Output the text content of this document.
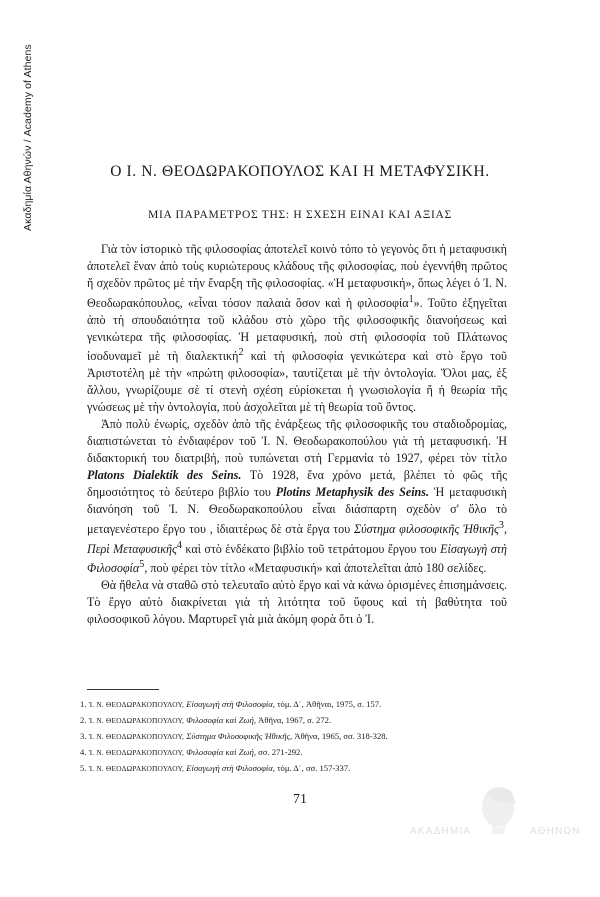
Ακαδημία Αθηνών / Academy of Athens	Ο Ι. Ν. ΘΕΟΔΩΡΑΚΟΠΟΥΛΟΣ ΚΑΙ Η ΜΕΤΑΦΥΣΙΚΗ.
ΜΙΑ ΠΑΡΑΜΕΤΡΟΣ ΤΗΣ: Η ΣΧΕΣΗ ΕΙΝΑΙ ΚΑΙ ΑΞΙΑΣ

Γιὰ τὸν ἱστορικὸ τῆς φιλοσοφίας ἀποτελεῖ κοινὸ τόπο τὸ γεγονὸς ὅτι ἡ μεταφυσικὴ ἀποτελεῖ ἕναν ἀπὸ τοὺς κυριώτερους κλάδους τῆς φιλοσοφίας, ποὺ ἐγεννήθη πρῶτος ἤ σχεδὸν πρῶτος μὲ τὴν ἔναρξη τῆς φιλοσοφίας. «Ἡ μεταφυσική», ὅπως λέγει ὁ Ἰ. Ν. Θεοδωρακόπουλος, «εἶναι τόσον παλαιὰ ὅσον καὶ ἡ φιλοσοφία$^1$». Τοῦτο ἐξηγεῖται ἀπὸ τὴ σπουδαιότητα τοῦ κλάδου στὸ χῶρο τῆς φιλοσοφικῆς διανοήσεως καὶ γενικώτερα τῆς φιλοσοφίας. Ἡ μεταφυσική, ποὺ στὴ φιλοσοφία τοῦ Πλάτωνος ἰσοδυναμεῖ μὲ τὴ διαλεκτική$^2$ καὶ τὴ φιλοσοφία γενικώτερα καὶ στὸ ἔργο τοῦ Ἀριστοτέλη μὲ τὴν «πρώτη φιλοσοφία», ταυτίζεται μὲ τὴν ὀντολογία. Ὅλοι μας, ἐξ ἄλλου, γνωρίζουμε σὲ τί στενὴ σχέση εὑρίσκεται ἡ γνωσιολογία ἤ ἡ θεωρία τῆς γνώσεως μὲ τὴν ὀντολογία, ποὺ ἀσχολεῖται μὲ τὴ θεωρία τοῦ ὄντος.

Ἀπὸ πολὺ ἐνωρίς, σχεδὸν ἀπὸ τῆς ἐνάρξεως τῆς φιλοσοφικῆς του σταδιοδρομίας, διαπιστώνεται τὸ ἐνδιαφέρον τοῦ Ἰ. Ν. Θεοδωρακοπούλου γιὰ τὴ μεταφυσική. Ἡ διδακτορική του διατριβή, ποὺ τυπώνεται στὴ Γερμανία τὸ 1927, φέρει τὸν τίτλο Platons Dialektik des Seins. Τὸ 1928, ἕνα χρόνο μετά, βλέπει τὸ φῶς τῆς δημοσιότητος τὸ δεύτερο βιβλίο του Plotins Metaphysik des Seins. Ἡ μεταφυσικὴ διανόηση τοῦ Ἰ. Ν. Θεοδωρακοπούλου εἶναι διάσπαρτη σχεδὸν σ' ὅλο τὸ μεταγενέστερο ἔργο του , ἰδιαιτέρως δὲ στὰ ἔργα του Σύστημα φιλοσοφικῆς Ἠθικῆς$^3$, Περὶ Μεταφυσικῆς$^4$ καὶ στὸ ἑνδέκατο βιβλίο τοῦ τετράτομου ἔργου του Εἰσαγωγὴ στὴ Φιλοσοφία$^5$, ποὺ φέρει τὸν τίτλο «Μεταφυσική» καὶ ἀποτελεῖται ἀπὸ 180 σελίδες.

Θὰ ἤθελα νὰ σταθῶ στὸ τελευταῖο αὐτὸ ἔργο καὶ νὰ κάνω ὁρισμένες ἐπισημάνσεις. Τὸ ἔργο αὐτὸ διακρίνεται γιὰ τὴ λιτότητα τοῦ ὕφους καὶ τὴ βαθύτητα τοῦ φιλοσοφικοῦ λόγου. Μαρτυρεῖ γιὰ μιὰ ἀκόμη φορὰ ὅτι ὁ Ἰ.

1. Ἰ. Ν. ΘΕΟΔΩΡΑΚΟΠΟΥΛΟΥ, Εἰσαγωγὴ στὴ Φιλοσοφία, τόμ. Δ΄, Ἀθῆναι, 1975, σ. 157.
2. Ἰ. Ν. ΘΕΟΔΩΡΑΚΟΠΟΥΛΟΥ, Φιλοσοφία καὶ Ζωή, Ἀθῆνα, 1967, σ. 272.
3. Ἰ. Ν. ΘΕΟΔΩΡΑΚΟΠΟΥΛΟΥ, Σύστημα Φιλοσοφικῆς Ἠθικῆς, Ἀθῆνα, 1965, σσ. 318-328.
4. Ἰ. Ν. ΘΕΟΔΩΡΑΚΟΠΟΥΛΟΥ, Φιλοσοφία καὶ Ζωή, σσ. 271-292.
5. Ἰ. Ν. ΘΕΟΔΩΡΑΚΟΠΟΥΛΟΥ, Εἰσαγωγὴ στὴ Φιλοσοφία, τόμ. Δ΄, σσ. 157-337.
71
ΑΚΑΔΗΜΙΑ	ΑΘΗΝΩΝ
